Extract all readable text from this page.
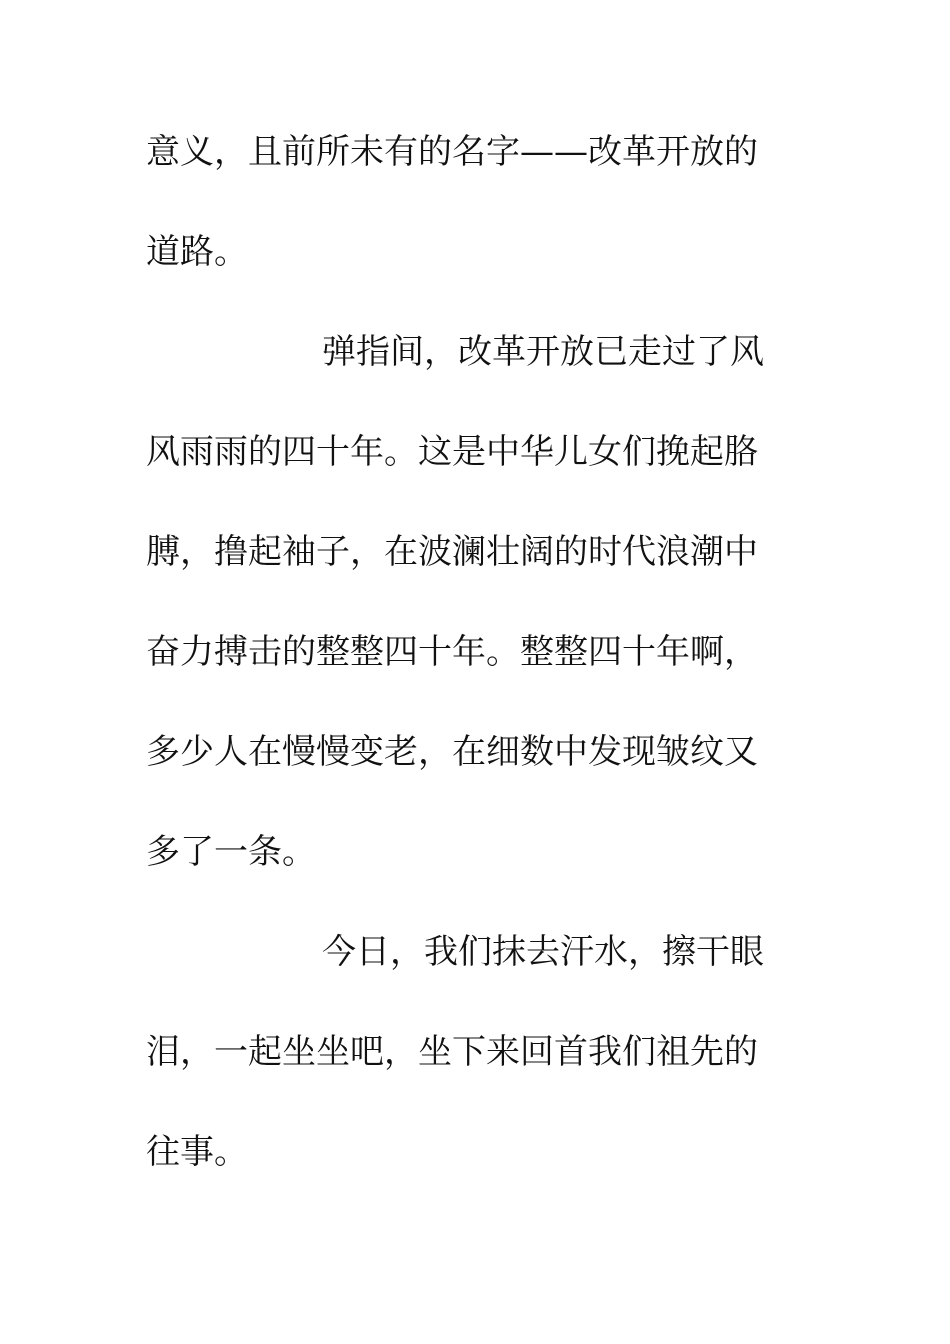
意义，且前所未有的名字——改革开放的
道路。
弹指间，改革开放已走过了风
风雨雨的四十年。这是中华儿女们挽起胳
膊，撸起袖子，在波澜壮阔的时代浪潮中
奋力搏击的整整四十年。整整四十年啊，
多少人在慢慢变老，在细数中发现皱纹又
多了一条。
今日，我们抹去汗水，擦干眼
泪，一起坐坐吧，坐下来回首我们祖先的
往事。
